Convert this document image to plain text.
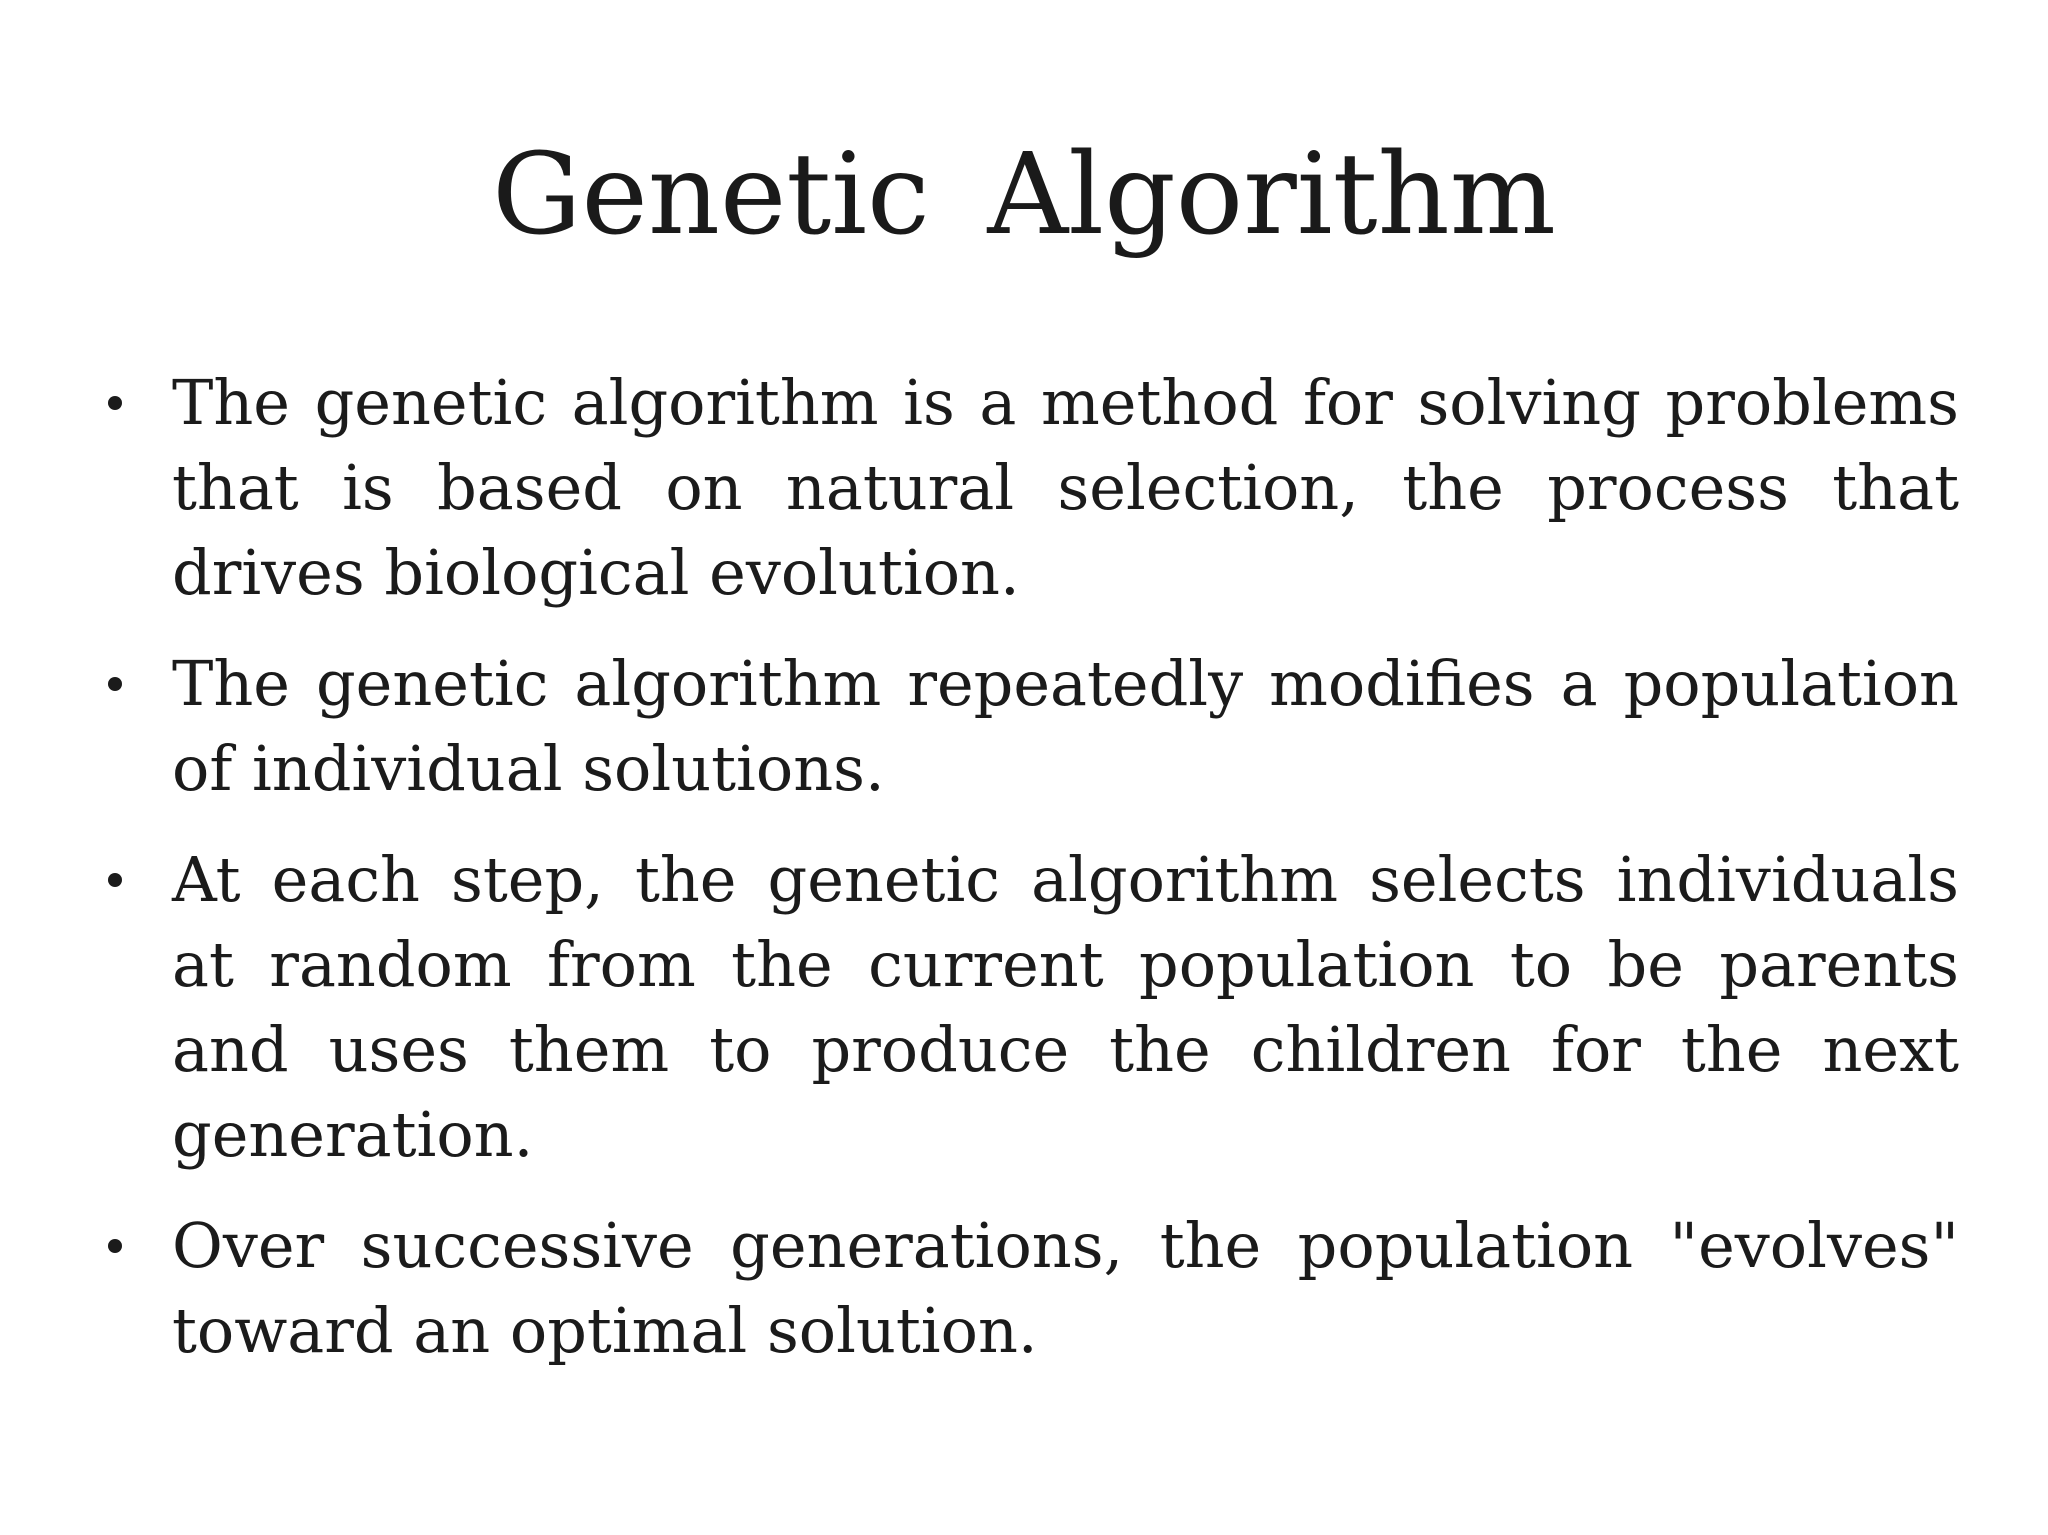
Genetic Algorithm
The genetic algorithm is a method for solving problems that is based on natural selection, the process that drives biological evolution.
The genetic algorithm repeatedly modifies a population of individual solutions.
At each step, the genetic algorithm selects individuals at random from the current population to be parents and uses them to produce the children for the next generation.
Over successive generations, the population "evolves" toward an optimal solution.
